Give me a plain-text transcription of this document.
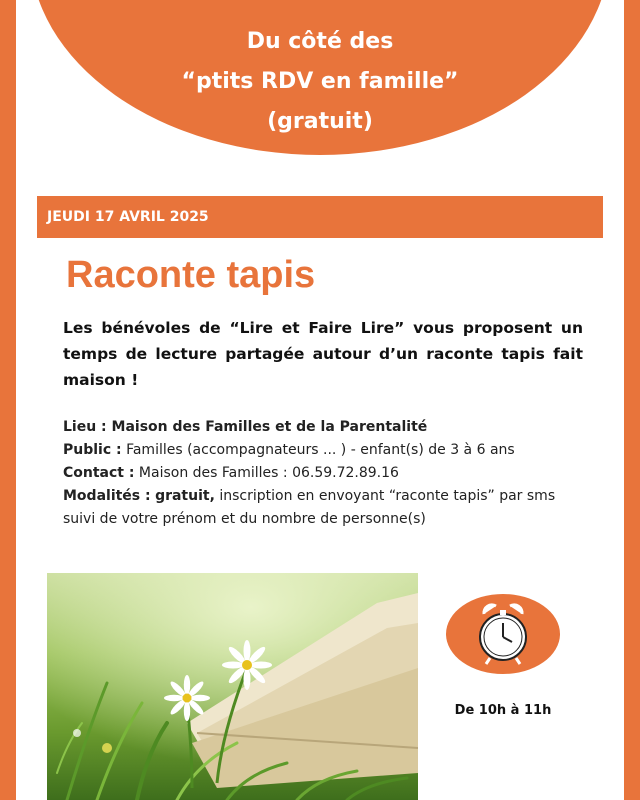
Du côté des
“ptits RDV en famille”
(gratuit)
JEUDI 17 AVRIL 2025
Raconte tapis

Les bénévoles de “Lire et Faire Lire” vous proposent un temps de lecture partagée autour d’un raconte tapis fait maison !

Lieu : Maison des Familles et de la Parentalité
Public : Familles (accompagnateurs ... ) - enfant(s) de 3 à 6 ans
Contact : Maison des Familles : 06.59.72.89.16
Modalités : gratuit, inscription en envoyant “raconte tapis” par sms suivi de votre prénom et du nombre de personne(s)
De 10h à 11h
